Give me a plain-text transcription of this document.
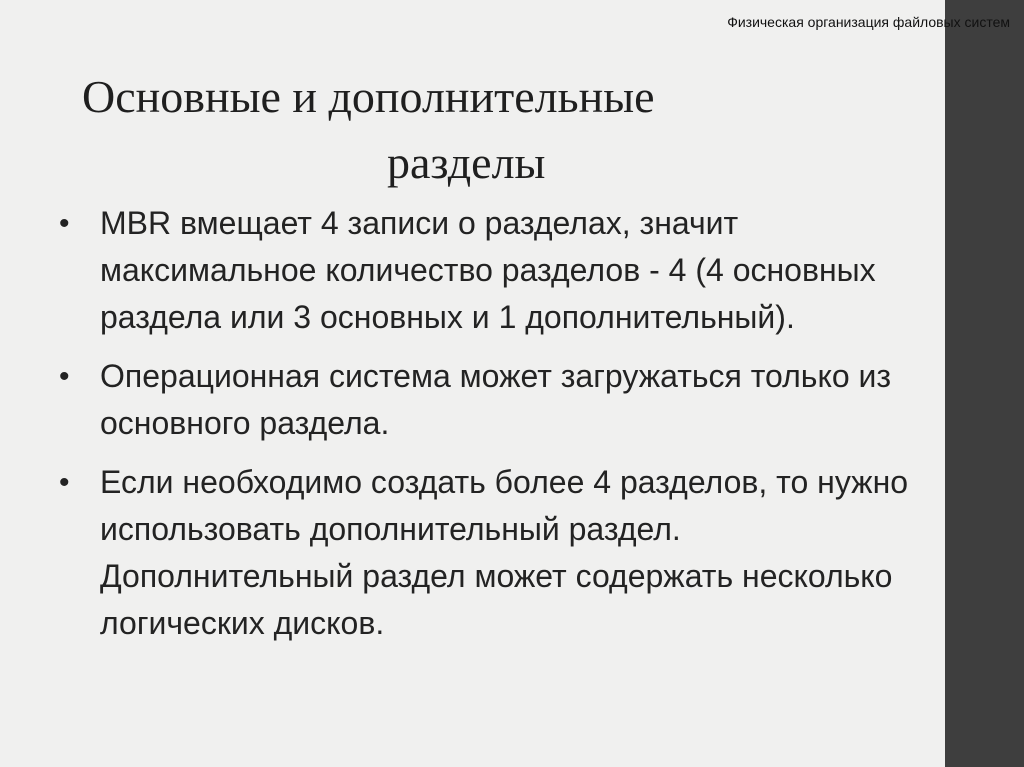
Физическая организация файловых систем
Основные и дополнительные
разделы
• MBR вмещает 4 записи о разделах, значит максимальное количество разделов - 4 (4 основных раздела или 3 основных и 1 дополнительный).
• Операционная система может загружаться только из основного раздела.
• Если необходимо создать более 4 разделов, то нужно использовать дополнительный раздел. Дополнительный раздел может содержать несколько логических дисков.
